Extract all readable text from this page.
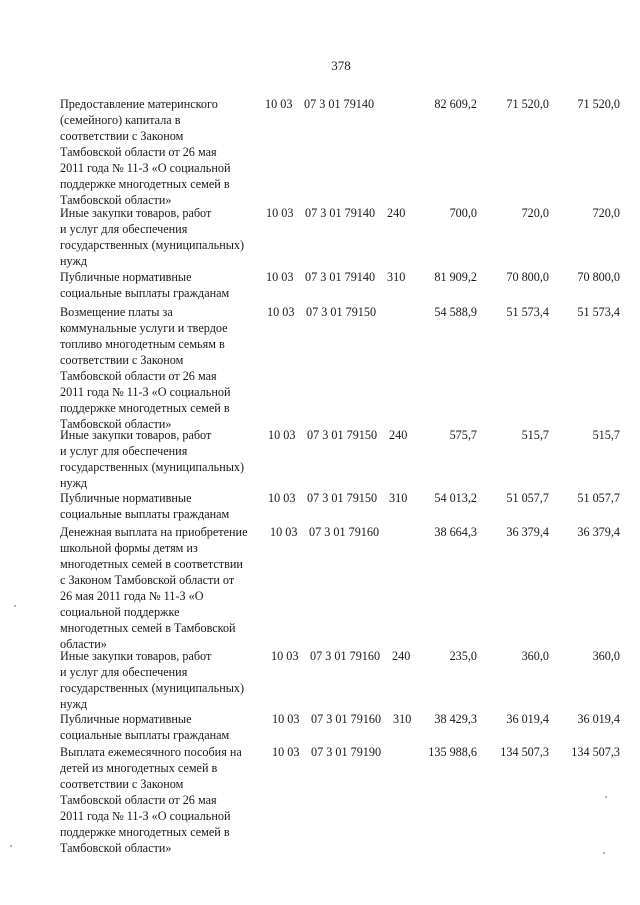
378
Предоставление материнского
(семейного) капитала в
соответствии с Законом
Тамбовской области от 26 мая
2011 года № 11-З «О социальной
поддержке многодетных семей в
Тамбовской области»
10 03 07 3 01 79140	82 609,2 71 520,0 71 520,0
Иные закупки товаров, работ
и услуг для обеспечения
государственных (муниципальных)
нужд
10 03 07 3 01 79140 240	700,0	720,0	720,0
Публичные нормативные
социальные выплаты гражданам
10 03 07 3 01 79140 310 81 909,2 70 800,0 70 800,0
Возмещение платы за
коммунальные услуги и твердое
топливо многодетным семьям в
соответствии с Законом
Тамбовской области от 26 мая
2011 года № 11-З «О социальной
поддержке многодетных семей в
Тамбовской области»
10 03 07 3 01 79150	54 588,9 51 573,4 51 573,4
Иные закупки товаров, работ
и услуг для обеспечения
государственных (муниципальных)
нужд
10 03 07 3 01 79150 240	575,7	515,7	515,7
Публичные нормативные
социальные выплаты гражданам
10 03 07 3 01 79150 310 54 013,2 51 057,7 51 057,7
Денежная выплата на приобретение
школьной формы детям из
многодетных семей в соответствии
с Законом Тамбовской области от
26 мая 2011 года № 11-З «О
социальной поддержке
многодетных семей в Тамбовской
области»
10 03 07 3 01 79160	38 664,3 36 379,4 36 379,4
Иные закупки товаров, работ
и услуг для обеспечения
государственных (муниципальных)
нужд
10 03 07 3 01 79160 240	235,0	360,0	360,0
Публичные нормативные
социальные выплаты гражданам
10 03 07 3 01 79160 310 38 429,3 36 019,4 36 019,4
Выплата ежемесячного пособия на
детей из многодетных семей в
соответствии с Законом
Тамбовской области от 26 мая
2011 года № 11-З «О социальной
поддержке многодетных семей в
Тамбовской области»
10 03 07 3 01 79190	135 988,6 134 507,3 134 507,3
